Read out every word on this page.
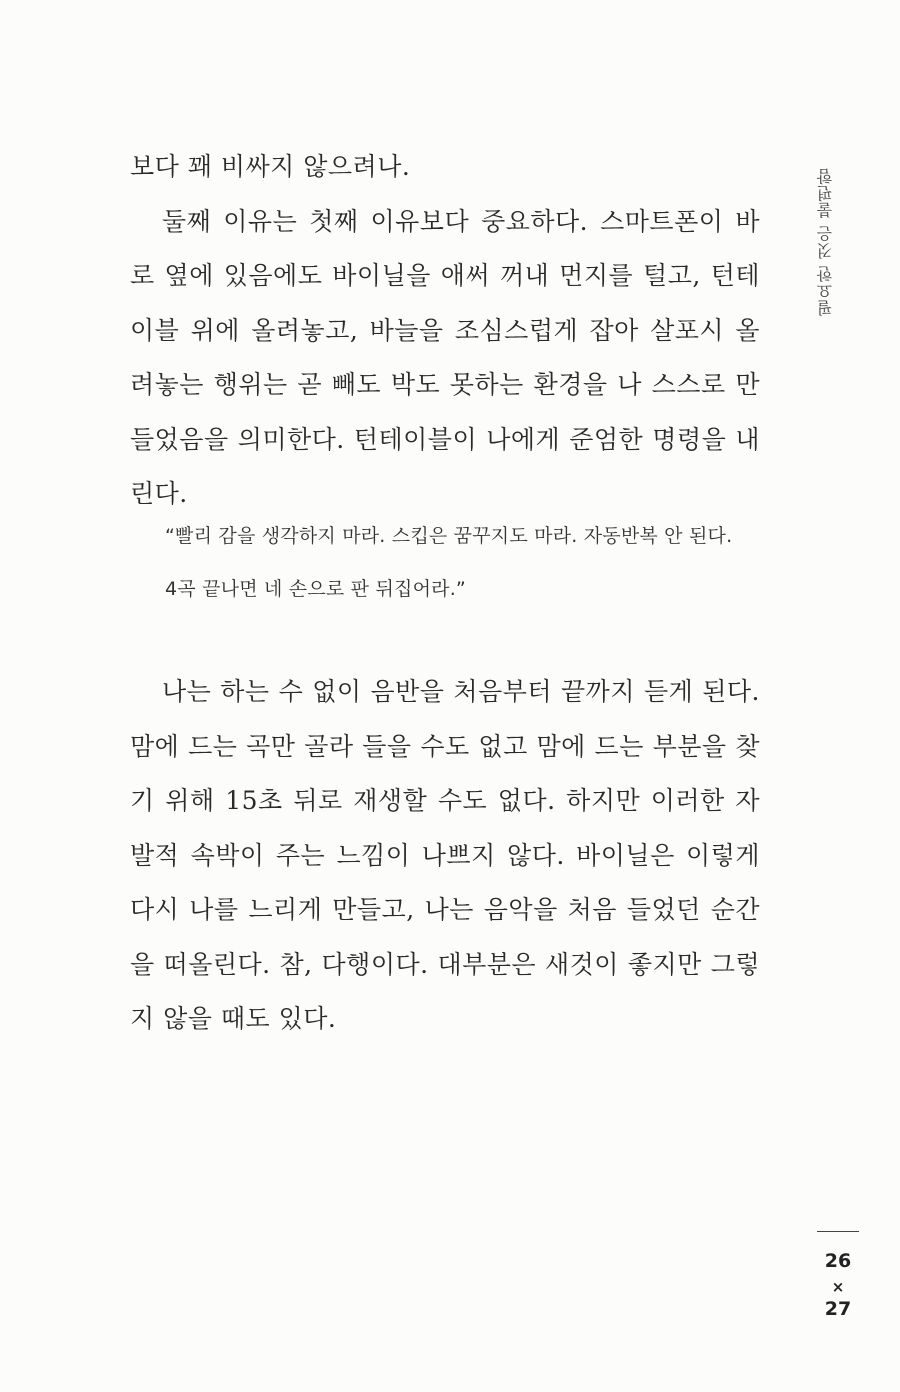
보다 꽤 비싸지 않으려나.

둘째 이유는 첫째 이유보다 중요하다. 스마트폰이 바로 옆에 있음에도 바이닐을 애써 꺼내 먼지를 털고, 턴테이블 위에 올려놓고, 바늘을 조심스럽게 잡아 살포시 올려놓는 행위는 곧 빼도 박도 못하는 환경을 나 스스로 만들었음을 의미한다. 턴테이블이 나에게 준엄한 명령을 내린다.

“빨리 감을 생각하지 마라. 스킵은 꿈꾸지도 마라. 자동반복 안 된다. 4곡 끝나면 네 손으로 판 뒤집어라.”

나는 하는 수 없이 음반을 처음부터 끝까지 듣게 된다. 맘에 드는 곡만 골라 들을 수도 없고 맘에 드는 부분을 찾기 위해 15초 뒤로 재생할 수도 없다. 하지만 이러한 자발적 속박이 주는 느낌이 나쁘지 않다. 바이닐은 이렇게 다시 나를 느리게 만들고, 나는 음악을 처음 들었던 순간을 떠올린다. 참, 다행이다. 대부분은 새것이 좋지만 그렇지 않을 때도 있다.

필요한 것은 불편함
26
×
27
